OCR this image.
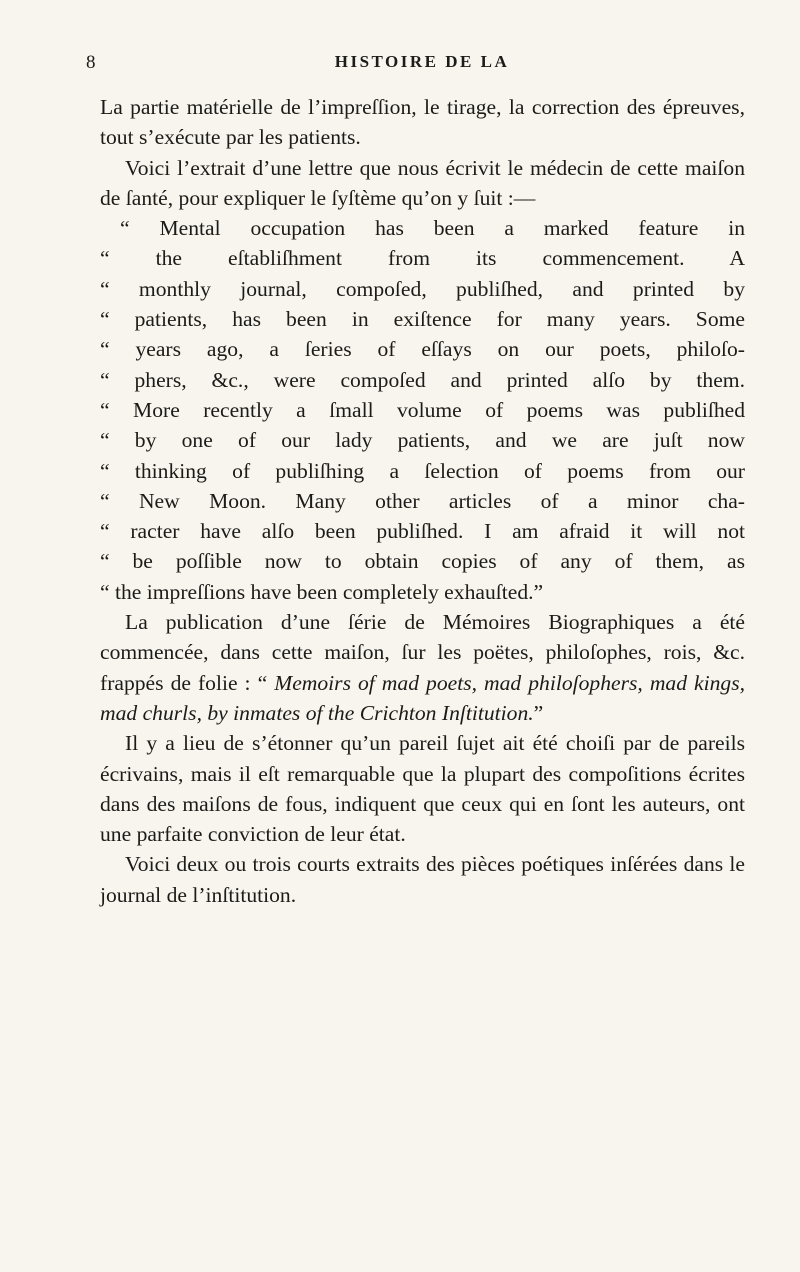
8	HISTOIRE DE LA

La partie matérielle de l’impreſſion, le tirage, la correction des épreuves, tout s’exécute par les patients.

Voici l’extrait d’une lettre que nous écrivit le médecin de cette maiſon de ſanté, pour expliquer le ſyſtème qu’on y ſuit :—

“ Mental occupation has been a marked feature in
“ the eſtabliſhment from its commencement. A
“ monthly journal, compoſed, publiſhed, and printed by
“ patients, has been in exiſtence for many years. Some
“ years ago, a ſeries of eſſays on our poets, philoſo-
“ phers, &c., were compoſed and printed alſo by them.
“ More recently a ſmall volume of poems was publiſhed
“ by one of our lady patients, and we are juſt now
“ thinking of publiſhing a ſelection of poems from our
“ New Moon. Many other articles of a minor cha-
“ racter have alſo been publiſhed. I am afraid it will not
“ be poſſible now to obtain copies of any of them, as
“ the impreſſions have been completely exhauſted.”

La publication d’une ſérie de Mémoires Biographiques a été commencée, dans cette maiſon, ſur les poëtes, philoſophes, rois, &c. frappés de folie : “ Memoirs of mad poets, mad philoſophers, mad kings, mad churls, by inmates of the Crichton Inſtitution.”

Il y a lieu de s’étonner qu’un pareil ſujet ait été choiſi par de pareils écrivains, mais il eſt remarquable que la plupart des compoſitions écrites dans des maiſons de fous, indiquent que ceux qui en ſont les auteurs, ont une parfaite conviction de leur état.

Voici deux ou trois courts extraits des pièces poétiques inſérées dans le journal de l’inſtitution.
